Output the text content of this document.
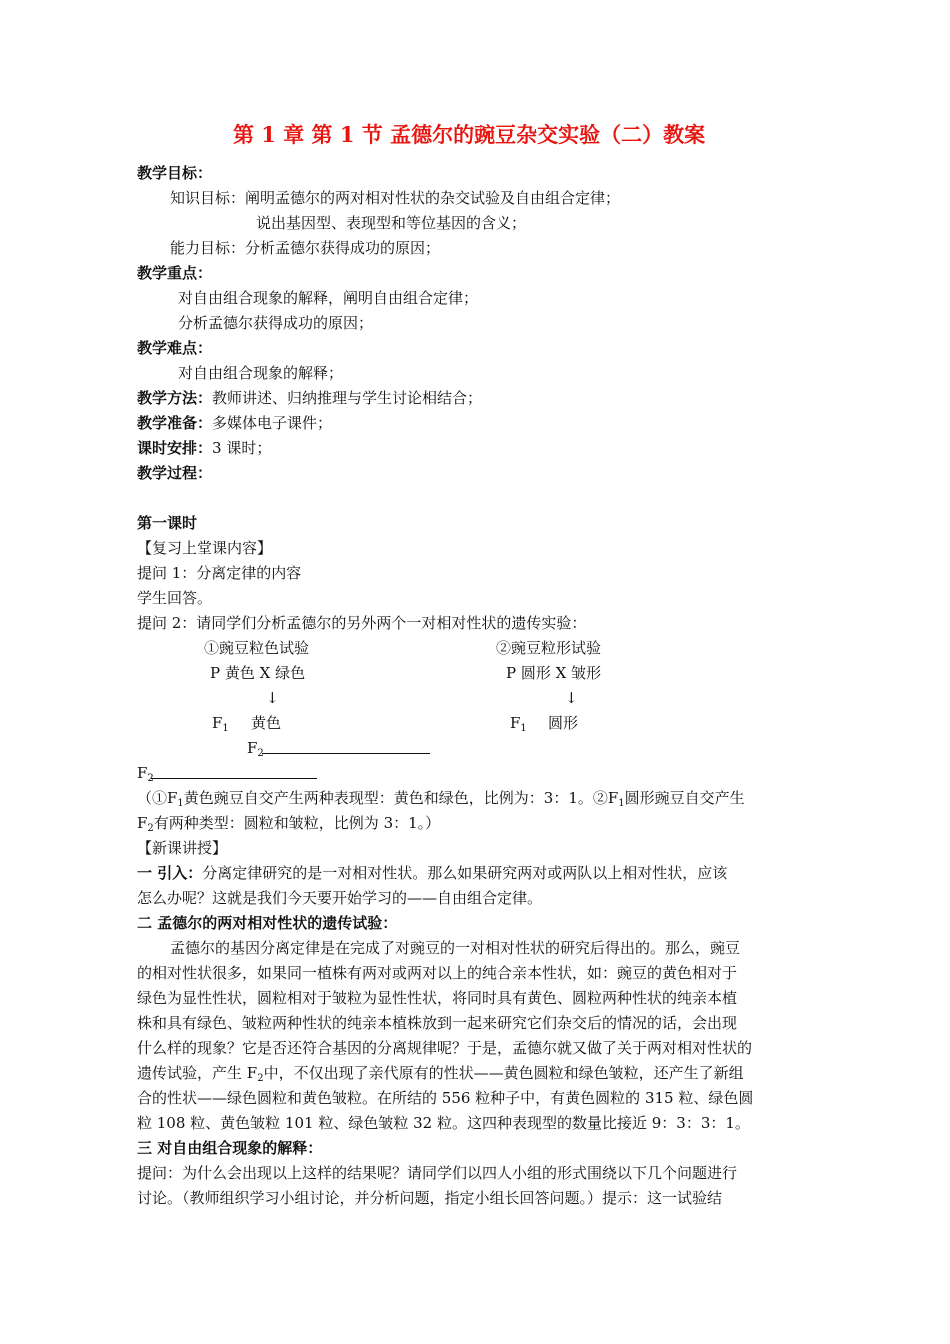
第 1 章 第 1 节 孟德尔的豌豆杂交实验（二）教案
教学目标：
知识目标：阐明孟德尔的两对相对性状的杂交试验及自由组合定律；
说出基因型、表现型和等位基因的含义；
能力目标：分析孟德尔获得成功的原因；
教学重点：
对自由组合现象的解释，阐明自由组合定律；
分析孟德尔获得成功的原因；
教学难点：
对自由组合现象的解释；
教学方法：教师讲述、归纳推理与学生讨论相结合；
教学准备：多媒体电子课件；
课时安排：3 课时；
教学过程：
第一课时
【复习上堂课内容】
提问 1：分离定律的内容
学生回答。
提问 2：请同学们分析孟德尔的另外两个一对相对性状的遗传实验：
①豌豆粒色试验
P 黄色 X 绿色
↓
$F_1$ 黄色
$F_2$
②豌豆粒形试验
P 圆形 X 皱形
↓
$F_1$ 圆形
$F_2$
（$①F_1$黄色豌豆自交产生两种表现型：黄色和绿色，比例为：3：1。$②F_1$圆形豌豆自交产生
$F_2$有两种类型：圆粒和皱粒，比例为 3：1。）
【新课讲授】
一 引入：分离定律研究的是一对相对性状。那么如果研究两对或两队以上相对性状，应该
怎么办呢？这就是我们今天要开始学习的——自由组合定律。
二 孟德尔的两对相对性状的遗传试验：
孟德尔的基因分离定律是在完成了对豌豆的一对相对性状的研究后得出的。那么，豌豆
的相对性状很多，如果同一植株有两对或两对以上的纯合亲本性状，如：豌豆的黄色相对于
绿色为显性性状，圆粒相对于皱粒为显性性状，将同时具有黄色、圆粒两种性状的纯亲本植
株和具有绿色、皱粒两种性状的纯亲本植株放到一起来研究它们杂交后的情况的话，会出现
什么样的现象？它是否还符合基因的分离规律呢？于是，孟德尔就又做了关于两对相对性状的
遗传试验，产生 $F_2$中，不仅出现了亲代原有的性状——黄色圆粒和绿色皱粒，还产生了新组
合的性状——绿色圆粒和黄色皱粒。在所结的 556 粒种子中，有黄色圆粒的 315 粒、绿色圆
粒 108 粒、黄色皱粒 101 粒、绿色皱粒 32 粒。这四种表现型的数量比接近 9：3：3：1。
三 对自由组合现象的解释：
提问：为什么会出现以上这样的结果呢？请同学们以四人小组的形式围绕以下几个问题进行
讨论。（教师组织学习小组讨论，并分析问题，指定小组长回答问题。）提示：这一试验结
